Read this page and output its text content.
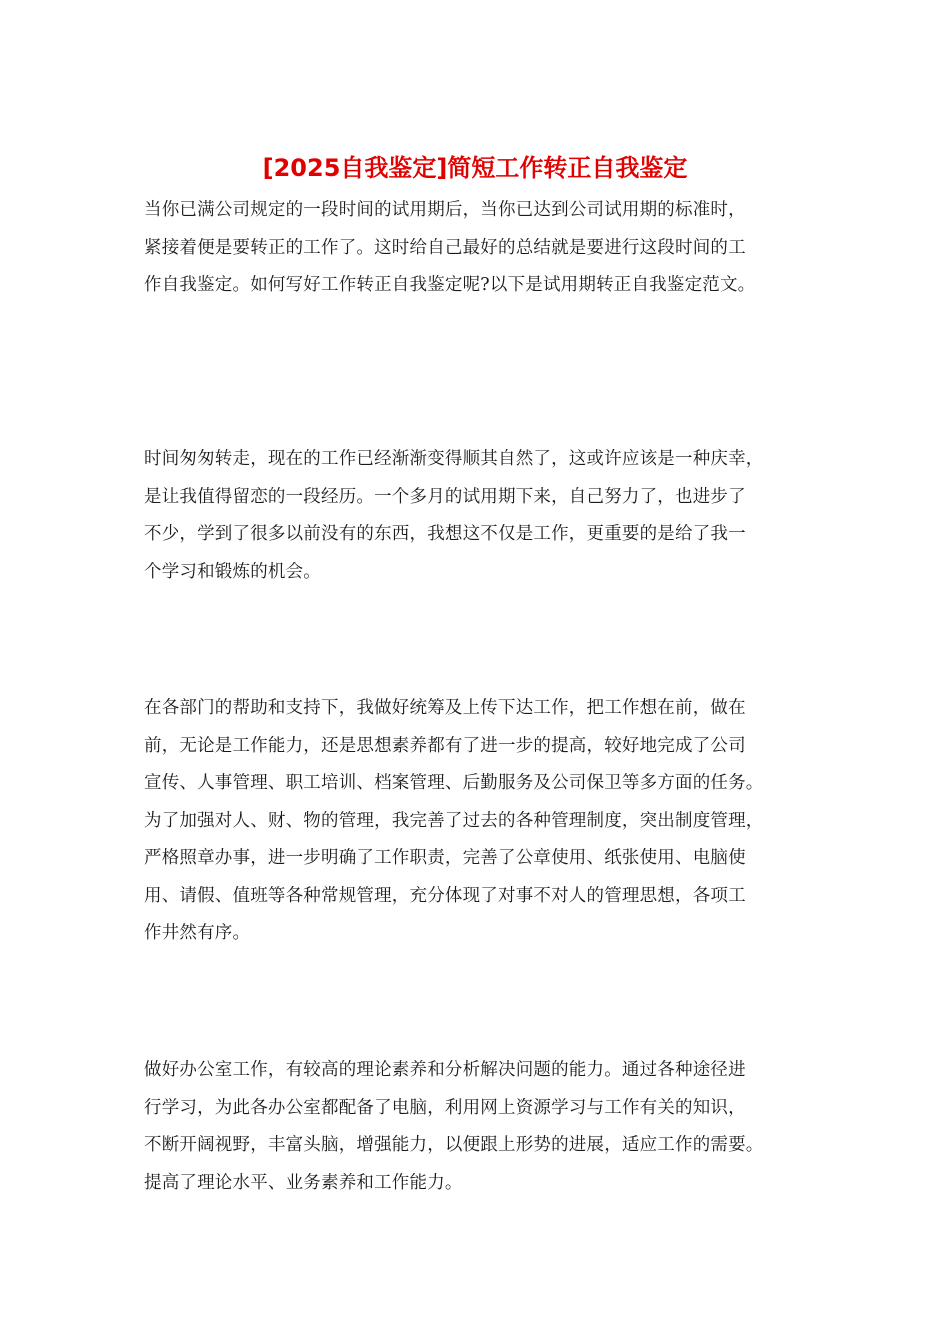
[2025自我鉴定]简短工作转正自我鉴定

当你已满公司规定的一段时间的试用期后，当你已达到公司试用期的标准时，
紧接着便是要转正的工作了。这时给自己最好的总结就是要进行这段时间的工
作自我鉴定。如何写好工作转正自我鉴定呢?以下是试用期转正自我鉴定范文。

时间匆匆转走，现在的工作已经渐渐变得顺其自然了，这或许应该是一种庆幸，
是让我值得留恋的一段经历。一个多月的试用期下来，自己努力了，也进步了
不少，学到了很多以前没有的东西，我想这不仅是工作，更重要的是给了我一
个学习和锻炼的机会。

在各部门的帮助和支持下，我做好统筹及上传下达工作，把工作想在前，做在
前，无论是工作能力，还是思想素养都有了进一步的提高，较好地完成了公司
宣传、人事管理、职工培训、档案管理、后勤服务及公司保卫等多方面的任务。
为了加强对人、财、物的管理，我完善了过去的各种管理制度，突出制度管理，
严格照章办事，进一步明确了工作职责，完善了公章使用、纸张使用、电脑使
用、请假、值班等各种常规管理，充分体现了对事不对人的管理思想，各项工
作井然有序。

做好办公室工作，有较高的理论素养和分析解决问题的能力。通过各种途径进
行学习，为此各办公室都配备了电脑，利用网上资源学习与工作有关的知识，
不断开阔视野，丰富头脑，增强能力，以便跟上形势的进展，适应工作的需要。
提高了理论水平、业务素养和工作能力。
